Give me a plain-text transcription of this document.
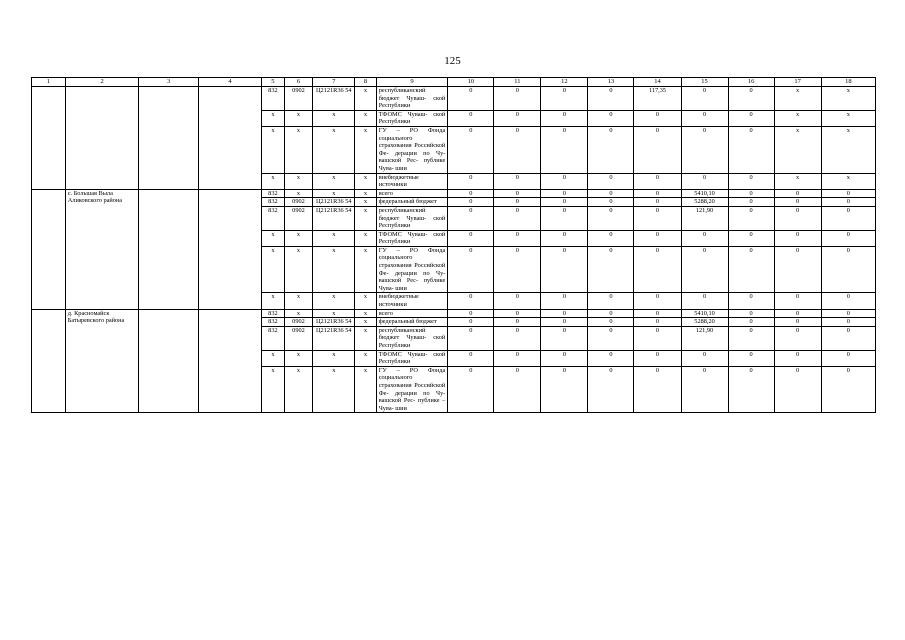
125
1	2	3	4	5	6	7	8	9	10	11	12	13	14	15	16	17	18
				832	0902	Ц2121R36 54	x	республиканский бюджет Чуваш- ской Республики	0	0	0	0	117,35	0	0	x	x
				x	x	x	x	ТФОМС Чуваш- ской Республики	0	0	0	0	0	0	0	x	x
				x	x	x	x	ГУ – РО Фонда социального страхования Российской Фе- дерации по Чу- вашской Рес- публике Чува- шии	0	0	0	0	0	0	0	x	x
				x	x	x	x	внебюджетные источники	0	0	0	0	0	0	0	x	x
	с. Большая Выла Аликовского района			832	x	x	x	всего	0	0	0	0	0	5410,10	0	0	0
				832	0902	Ц2121R36 54	x	федеральный бюджет	0	0	0	0	0	5288,20	0	0	0
				832	0902	Ц2121R36 54	x	республиканский бюджет Чуваш- ской Республики	0	0	0	0	0	121,90	0	0	0
				x	x	x	x	ТФОМС Чуваш- ской Республики	0	0	0	0	0	0	0	0	0
				x	x	x	x	ГУ – РО Фонда социального страхования Российской Фе- дерации по Чу- вашской Рес- публике Чува- шии	0	0	0	0	0	0	0	0	0
				x	x	x	x	внебюджетные источники	0	0	0	0	0	0	0	0	0
	д. Красномайск Батыревского района			832	x	x	x	всего	0	0	0	0	0	5410,10	0	0	0
				832	0902	Ц2121R36 54	x	федеральный бюджет	0	0	0	0	0	5288,20	0	0	0
				832	0902	Ц2121R36 54	x	республиканский бюджет Чуваш- ской Республики	0	0	0	0	0	121,90	0	0	0
				x	x	x	x	ТФОМС Чуваш- ской Республики	0	0	0	0	0	0	0	0	0
				x	x	x	x	ГУ – РО Фонда социального страхования Российской Фе- дерации по Чу- вашской Рес- публике – Чува- шии	0	0	0	0	0	0	0	0	0
